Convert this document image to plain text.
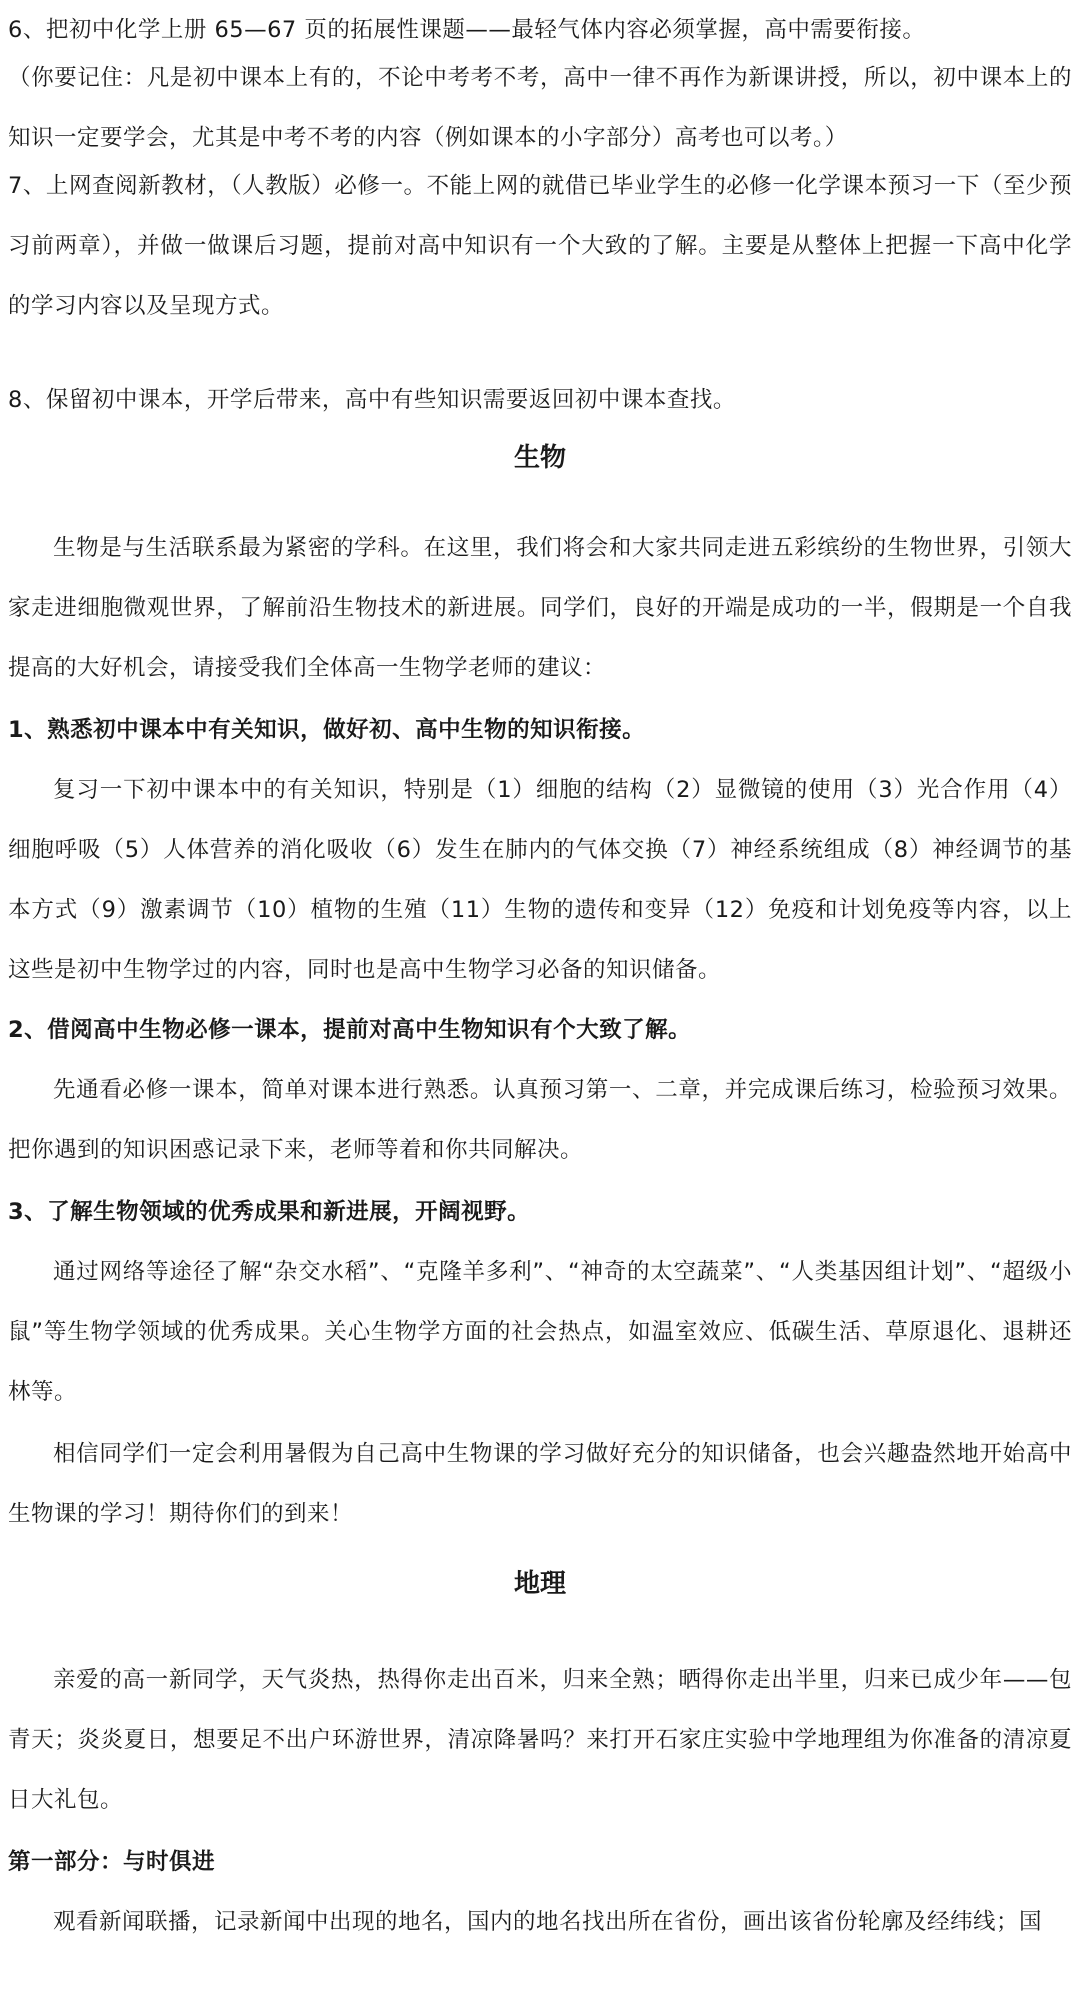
6、把初中化学上册 65—67 页的拓展性课题——最轻气体内容必须掌握，高中需要衔接。

（你要记住：凡是初中课本上有的，不论中考考不考，高中一律不再作为新课讲授，所以，初中课本上的知识一定要学会，尤其是中考不考的内容（例如课本的小字部分）高考也可以考。）

7、上网查阅新教材，（人教版）必修一。不能上网的就借已毕业学生的必修一化学课本预习一下（至少预习前两章），并做一做课后习题，提前对高中知识有一个大致的了解。主要是从整体上把握一下高中化学的学习内容以及呈现方式。

8、保留初中课本，开学后带来，高中有些知识需要返回初中课本查找。

生物

生物是与生活联系最为紧密的学科。在这里，我们将会和大家共同走进五彩缤纷的生物世界，引领大家走进细胞微观世界，了解前沿生物技术的新进展。同学们，良好的开端是成功的一半，假期是一个自我提高的大好机会，请接受我们全体高一生物学老师的建议：

1、熟悉初中课本中有关知识，做好初、高中生物的知识衔接。

复习一下初中课本中的有关知识，特别是（1）细胞的结构（2）显微镜的使用（3）光合作用（4）细胞呼吸（5）人体营养的消化吸收（6）发生在肺内的气体交换（7）神经系统组成（8）神经调节的基本方式（9）激素调节（10）植物的生殖（11）生物的遗传和变异（12）免疫和计划免疫等内容，以上这些是初中生物学过的内容，同时也是高中生物学习必备的知识储备。

2、借阅高中生物必修一课本，提前对高中生物知识有个大致了解。

先通看必修一课本，简单对课本进行熟悉。认真预习第一、二章，并完成课后练习，检验预习效果。把你遇到的知识困惑记录下来，老师等着和你共同解决。

3、了解生物领域的优秀成果和新进展，开阔视野。

通过网络等途径了解“杂交水稻”、“克隆羊多利”、“神奇的太空蔬菜”、“人类基因组计划”、“超级小鼠”等生物学领域的优秀成果。关心生物学方面的社会热点，如温室效应、低碳生活、草原退化、退耕还林等。

相信同学们一定会利用暑假为自己高中生物课的学习做好充分的知识储备，也会兴趣盎然地开始高中生物课的学习！期待你们的到来！

地理

亲爱的高一新同学，天气炎热，热得你走出百米，归来全熟；晒得你走出半里，归来已成少年——包青天；炎炎夏日，想要足不出户环游世界，清凉降暑吗？来打开石家庄实验中学地理组为你准备的清凉夏日大礼包。

第一部分：与时俱进

观看新闻联播，记录新闻中出现的地名，国内的地名找出所在省份，画出该省份轮廓及经纬线；国
